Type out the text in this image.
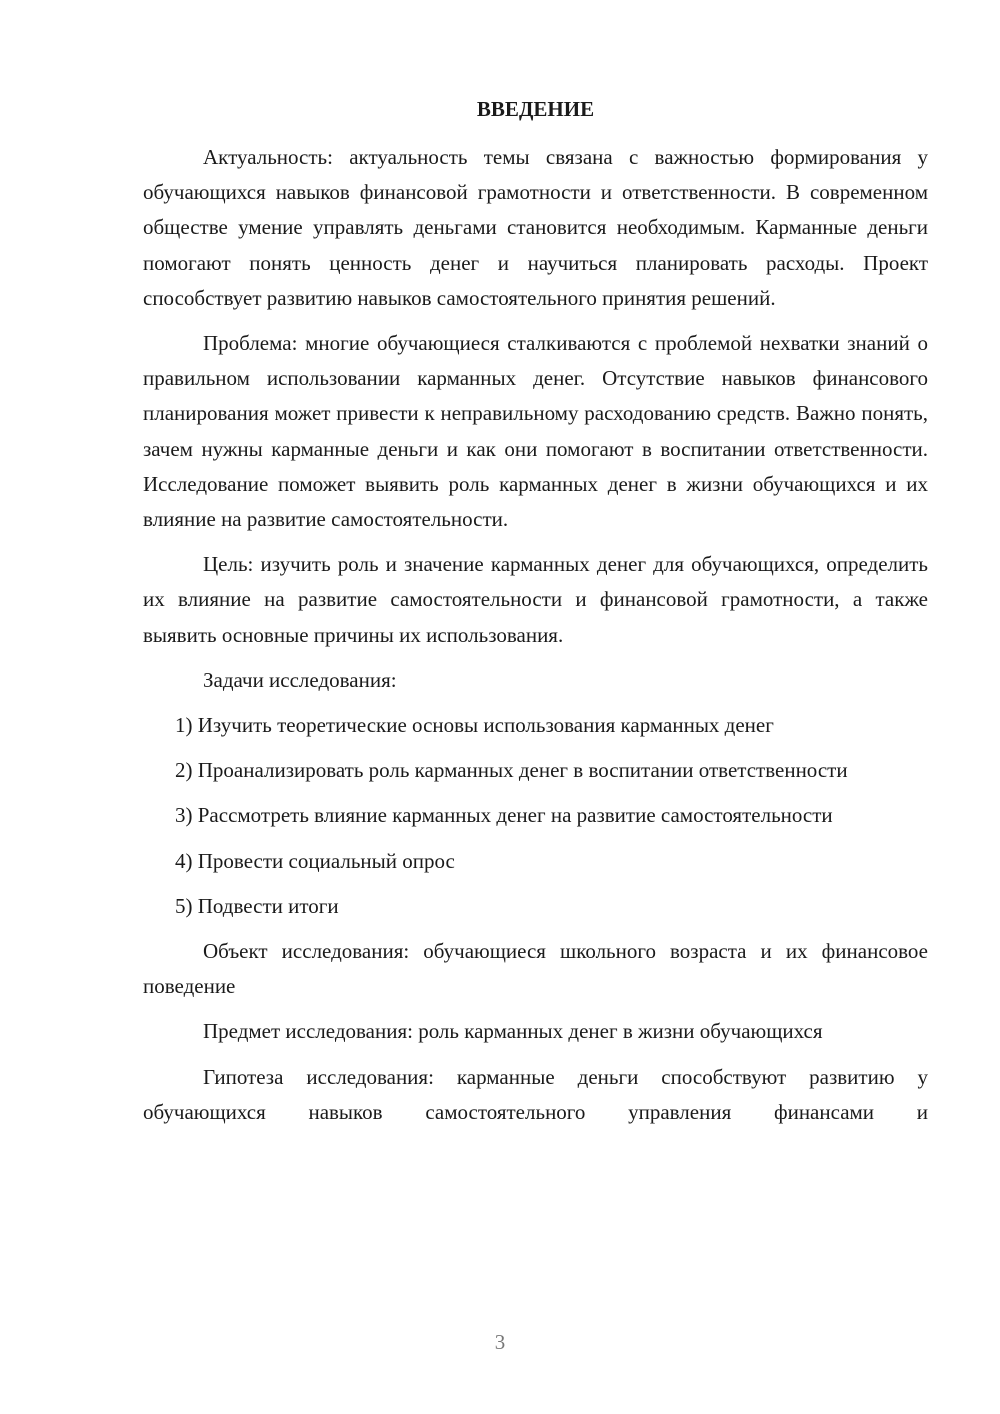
ВВЕДЕНИЕ

Актуальность: актуальность темы связана с важностью формирования у обучающихся навыков финансовой грамотности и ответственности. В современном обществе умение управлять деньгами становится необходимым. Карманные деньги помогают понять ценность денег и научиться планировать расходы. Проект способствует развитию навыков самостоятельного принятия решений.

Проблема: многие обучающиеся сталкиваются с проблемой нехватки знаний о правильном использовании карманных денег. Отсутствие навыков финансового планирования может привести к неправильному расходованию средств. Важно понять, зачем нужны карманные деньги и как они помогают в воспитании ответственности. Исследование поможет выявить роль карманных денег в жизни обучающихся и их влияние на развитие самостоятельности.

Цель: изучить роль и значение карманных денег для обучающихся, определить их влияние на развитие самостоятельности и финансовой грамотности, а также выявить основные причины их использования.

Задачи исследования:

1) Изучить теоретические основы использования карманных денег

2) Проанализировать роль карманных денег в воспитании ответственности

3) Рассмотреть влияние карманных денег на развитие самостоятельности

4) Провести социальный опрос

5) Подвести итоги

Объект исследования: обучающиеся школьного возраста и их финансовое поведение

Предмет исследования: роль карманных денег в жизни обучающихся

Гипотеза исследования: карманные деньги способствуют развитию у обучающихся навыков самостоятельного управления финансами и

3
